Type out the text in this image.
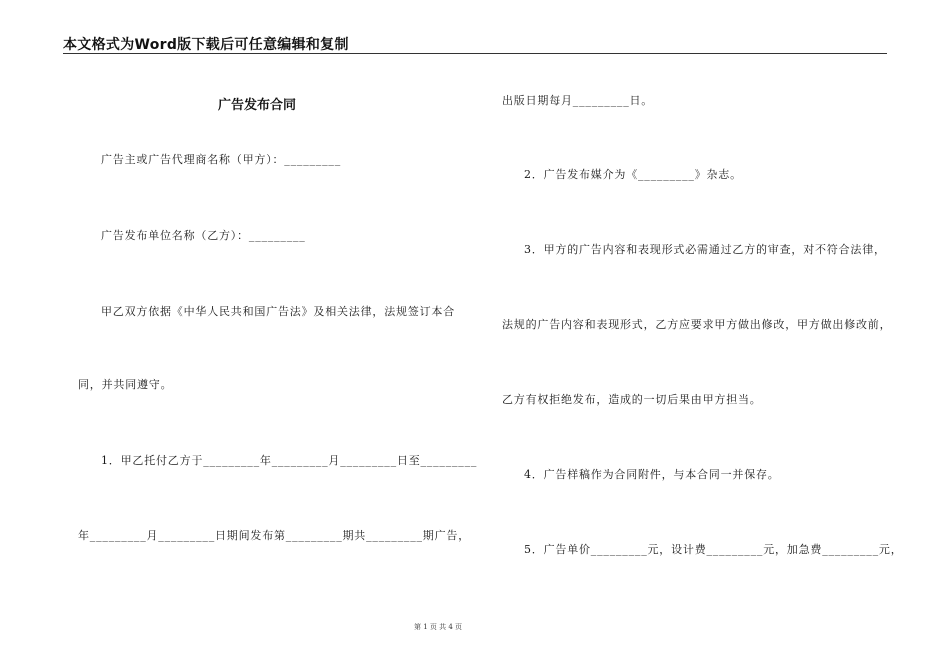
本文格式为Word版下载后可任意编辑和复制
广告发布合同
广告主或广告代理商名称（甲方）：_________
广告发布单位名称（乙方）：_________
甲乙双方依据《中华人民共和国广告法》及相关法律，法规签订本合
同，并共同遵守。
1．甲乙托付乙方于_________年_________月_________日至_________
年_________月_________日期间发布第_________期共_________期广告，
出版日期每月_________日。
2．广告发布媒介为《_________》杂志。
3．甲方的广告内容和表现形式必需通过乙方的审查，对不符合法律，
法规的广告内容和表现形式，乙方应要求甲方做出修改，甲方做出修改前，
乙方有权拒绝发布，造成的一切后果由甲方担当。
4．广告样稿作为合同附件，与本合同一并保存。
5．广告单价_________元，设计费_________元，加急费_________元，
第 1 页 共 4 页
